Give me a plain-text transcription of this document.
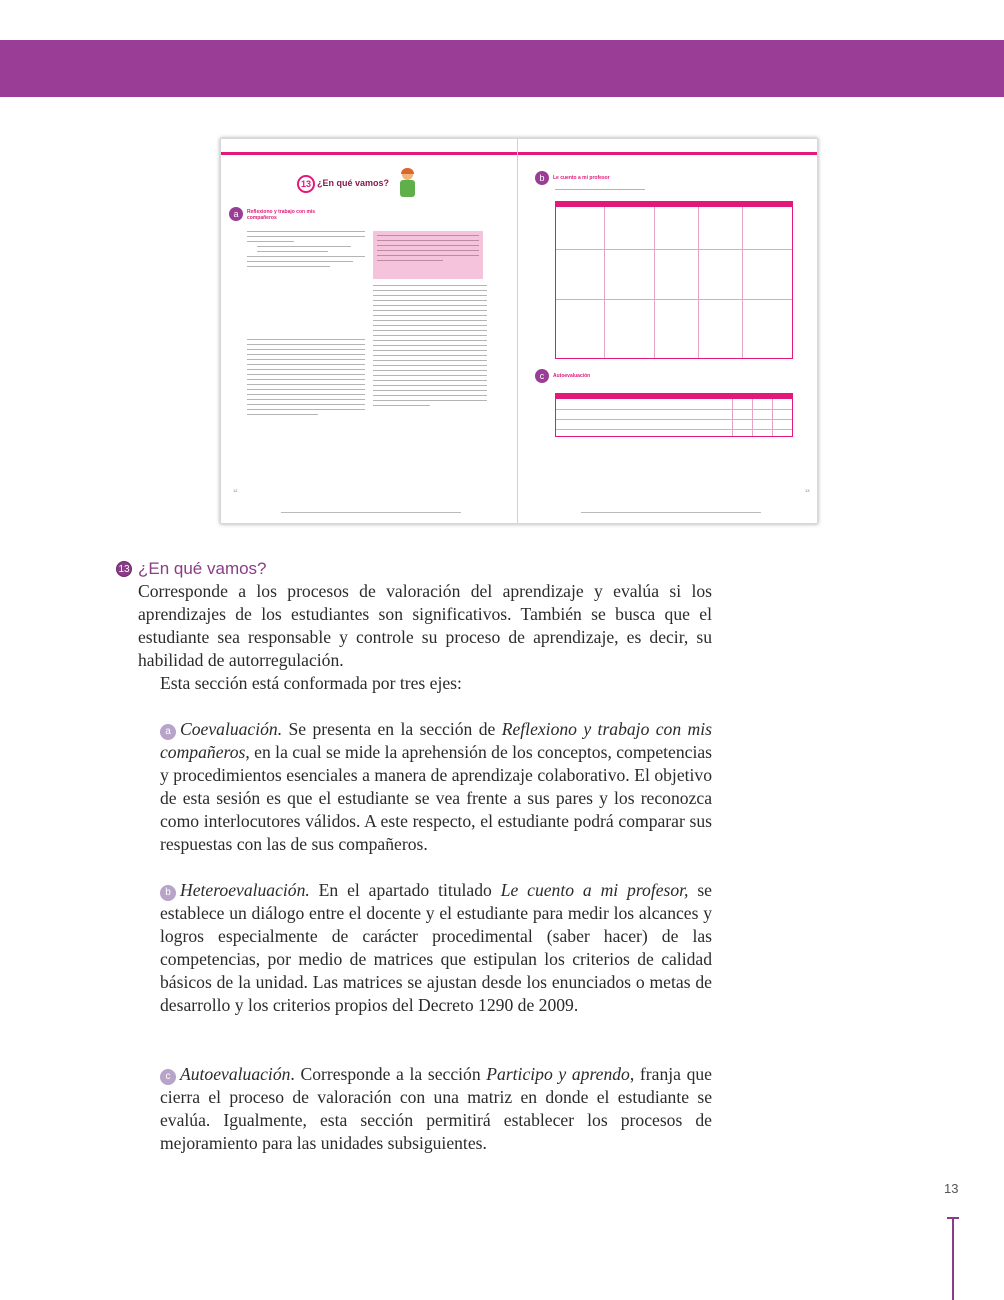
13 ¿En qué vamos?
a	Reflexiono y trabajo con mis compañeros
12
b	Le cuento a mi profesor
c	Autoevaluación
13
13 ¿En qué vamos?

Corresponde a los procesos de valoración del aprendizaje y evalúa si los aprendizajes de los estudiantes son significativos. También se busca que el estudiante sea responsable y controle su proceso de aprendizaje, es decir, su habilidad de autorregulación.

Esta sección está conformada por tres ejes:

a Coevaluación. Se presenta en la sección de Reflexiono y trabajo con mis compañeros, en la cual se mide la aprehensión de los conceptos, competencias y procedimientos esenciales a manera de aprendizaje colaborativo. El objetivo de esta sesión es que el estudiante se vea frente a sus pares y los reconozca como interlocutores válidos. A este respecto, el estudiante podrá comparar sus respuestas con las de sus compañeros.

b Heteroevaluación. En el apartado titulado Le cuento a mi profesor, se establece un diálogo entre el docente y el estudiante para medir los alcances y logros especialmente de carácter procedimental (saber hacer) de las competencias, por medio de matrices que estipulan los criterios de calidad básicos de la unidad. Las matrices se ajustan desde los enunciados o metas de desarrollo y los criterios propios del Decreto 1290 de 2009.

c Autoevaluación. Corresponde a la sección Participo y aprendo, franja que cierra el proceso de valoración con una matriz en donde el estudiante se evalúa. Igualmente, esta sección permitirá establecer los procesos de mejoramiento para las unidades subsiguientes.

13
